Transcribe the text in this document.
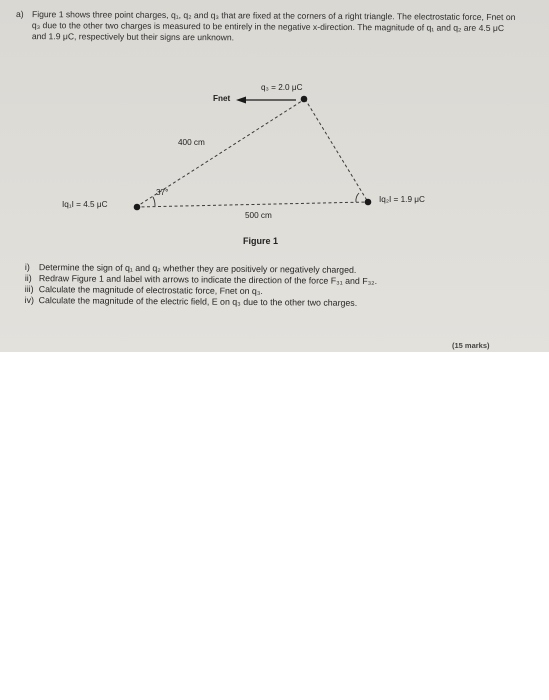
a) Figure 1 shows three point charges, q₁, q₂ and q₃ that are fixed at the corners of a right triangle. The electrostatic force, Fnet on q₃ due to the other two charges is measured to be entirely in the negative x-direction. The magnitude of q₁ and q₂ are 4.5 μC and 1.9 μC, respectively but their signs are unknown.
q₃ = 2.0 μC
Fnet
400 cm
37°
Iq₁I = 4.5 μC
Iq₂I = 1.9 μC
500 cm
Figure 1
i) Determine the sign of q₁ and q₂ whether they are positively or negatively charged.
ii) Redraw Figure 1 and label with arrows to indicate the direction of the force F₃₁ and F₃₂.
iii) Calculate the magnitude of electrostatic force, Fnet on q₃.
iv) Calculate the magnitude of the electric field, E on q₃ due to the other two charges.
(15 marks)
